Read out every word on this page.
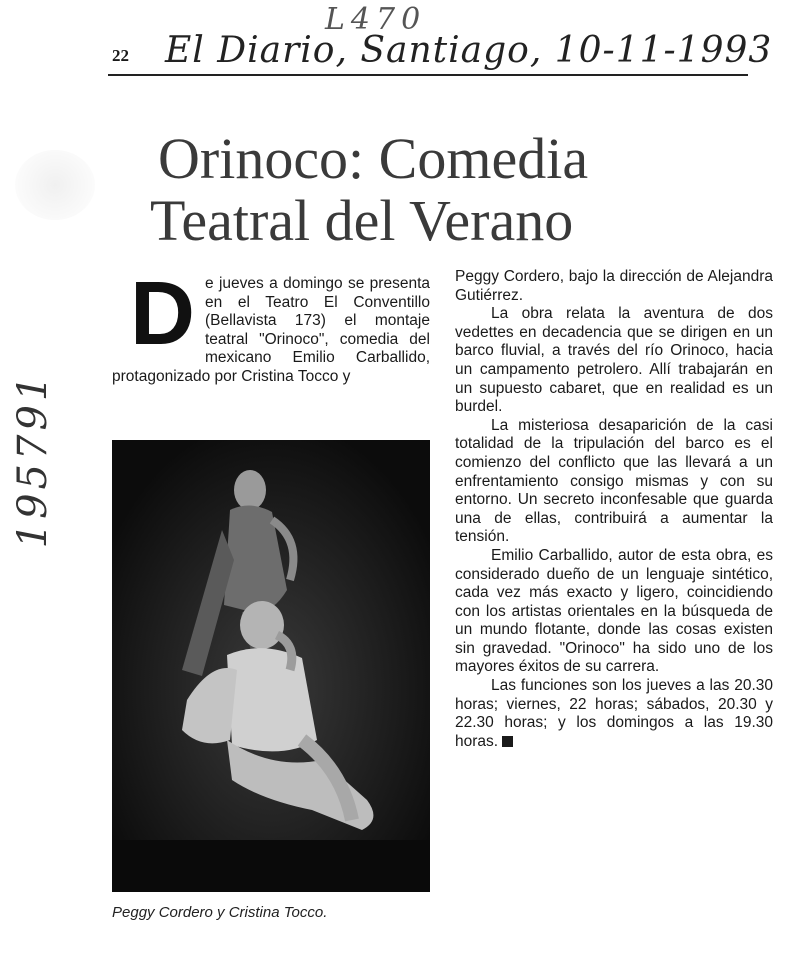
L470
22 El Diario, Santiago, 10-11-1993
195791
Orinoco: Comedia
Teatral del Verano
De jueves a domingo se presenta en el Teatro El Conventillo (Bellavista 173) el montaje teatral "Orinoco", comedia del mexicano Emilio Carballido, protagonizado por Cristina Tocco y
Peggy Cordero y Cristina Tocco.

Peggy Cordero, bajo la dirección de Alejandra Gutiérrez.

La obra relata la aventura de dos vedettes en decadencia que se dirigen en un barco fluvial, a través del río Orinoco, hacia un campamento petrolero. Allí trabajarán en un supuesto cabaret, que en realidad es un burdel.

La misteriosa desaparición de la casi totalidad de la tripulación del barco es el comienzo del conflicto que las llevará a un enfrentamiento consigo mismas y con su entorno. Un secreto inconfesable que guarda una de ellas, contribuirá a aumentar la tensión.

Emilio Carballido, autor de esta obra, es considerado dueño de un lenguaje sintético, cada vez más exacto y ligero, coincidiendo con los artistas orientales en la búsqueda de un mundo flotante, donde las cosas existen sin gravedad. "Orinoco" ha sido uno de los mayores éxitos de su carrera.

Las funciones son los jueves a las 20.30 horas; viernes, 22 horas; sábados, 20.30 y 22.30 horas; y los domingos a las 19.30 horas.
